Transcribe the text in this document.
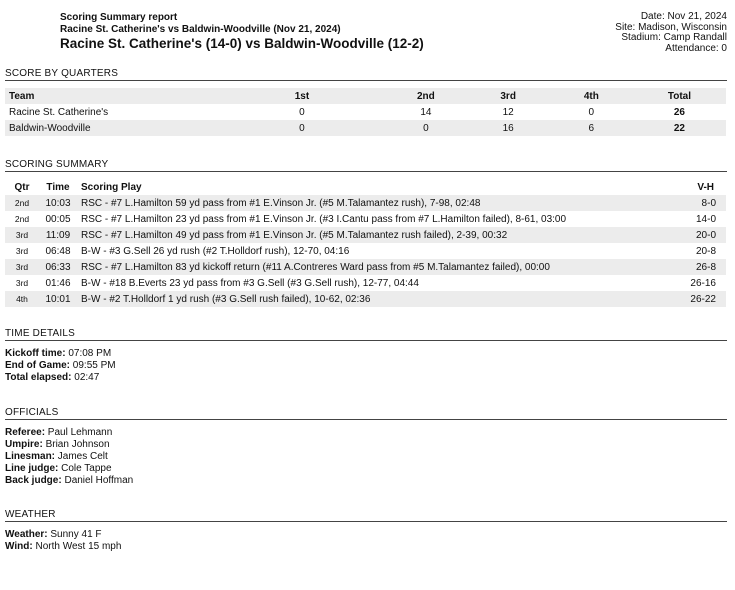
Scoring Summary report
Racine St. Catherine's vs Baldwin-Woodville (Nov 21, 2024)
Racine St. Catherine's (14-0) vs Baldwin-Woodville (12-2)
Date: Nov 21, 2024
Site: Madison, Wisconsin
Stadium: Camp Randall
Attendance: 0
SCORE BY QUARTERS
Team	1st	2nd	3rd	4th	Total
Racine St. Catherine's	0	14	12	0	26
Baldwin-Woodville	0	0	16	6	22
SCORING SUMMARY
Qtr	Time	Scoring Play	V-H
2nd	10:03	RSC - #7 L.Hamilton 59 yd pass from #1 E.Vinson Jr. (#5 M.Talamantez rush), 7-98, 02:48	8-0
2nd	00:05	RSC - #7 L.Hamilton 23 yd pass from #1 E.Vinson Jr. (#3 I.Cantu pass from #7 L.Hamilton failed), 8-61, 03:00	14-0
3rd	11:09	RSC - #7 L.Hamilton 49 yd pass from #1 E.Vinson Jr. (#5 M.Talamantez rush failed), 2-39, 00:32	20-0
3rd	06:48	B-W - #3 G.Sell 26 yd rush (#2 T.Holldorf rush), 12-70, 04:16	20-8
3rd	06:33	RSC - #7 L.Hamilton 83 yd kickoff return (#11 A.Contreres Ward pass from #5 M.Talamantez failed), 00:00	26-8
3rd	01:46	B-W - #18 B.Everts 23 yd pass from #3 G.Sell (#3 G.Sell rush), 12-77, 04:44	26-16
4th	10:01	B-W - #2 T.Holldorf 1 yd rush (#3 G.Sell rush failed), 10-62, 02:36	26-22
TIME DETAILS
Kickoff time: 07:08 PM
End of Game: 09:55 PM
Total elapsed: 02:47
OFFICIALS
Referee: Paul Lehmann
Umpire: Brian Johnson
Linesman: James Celt
Line judge: Cole Tappe
Back judge: Daniel Hoffman
WEATHER
Weather: Sunny 41 F
Wind: North West 15 mph
